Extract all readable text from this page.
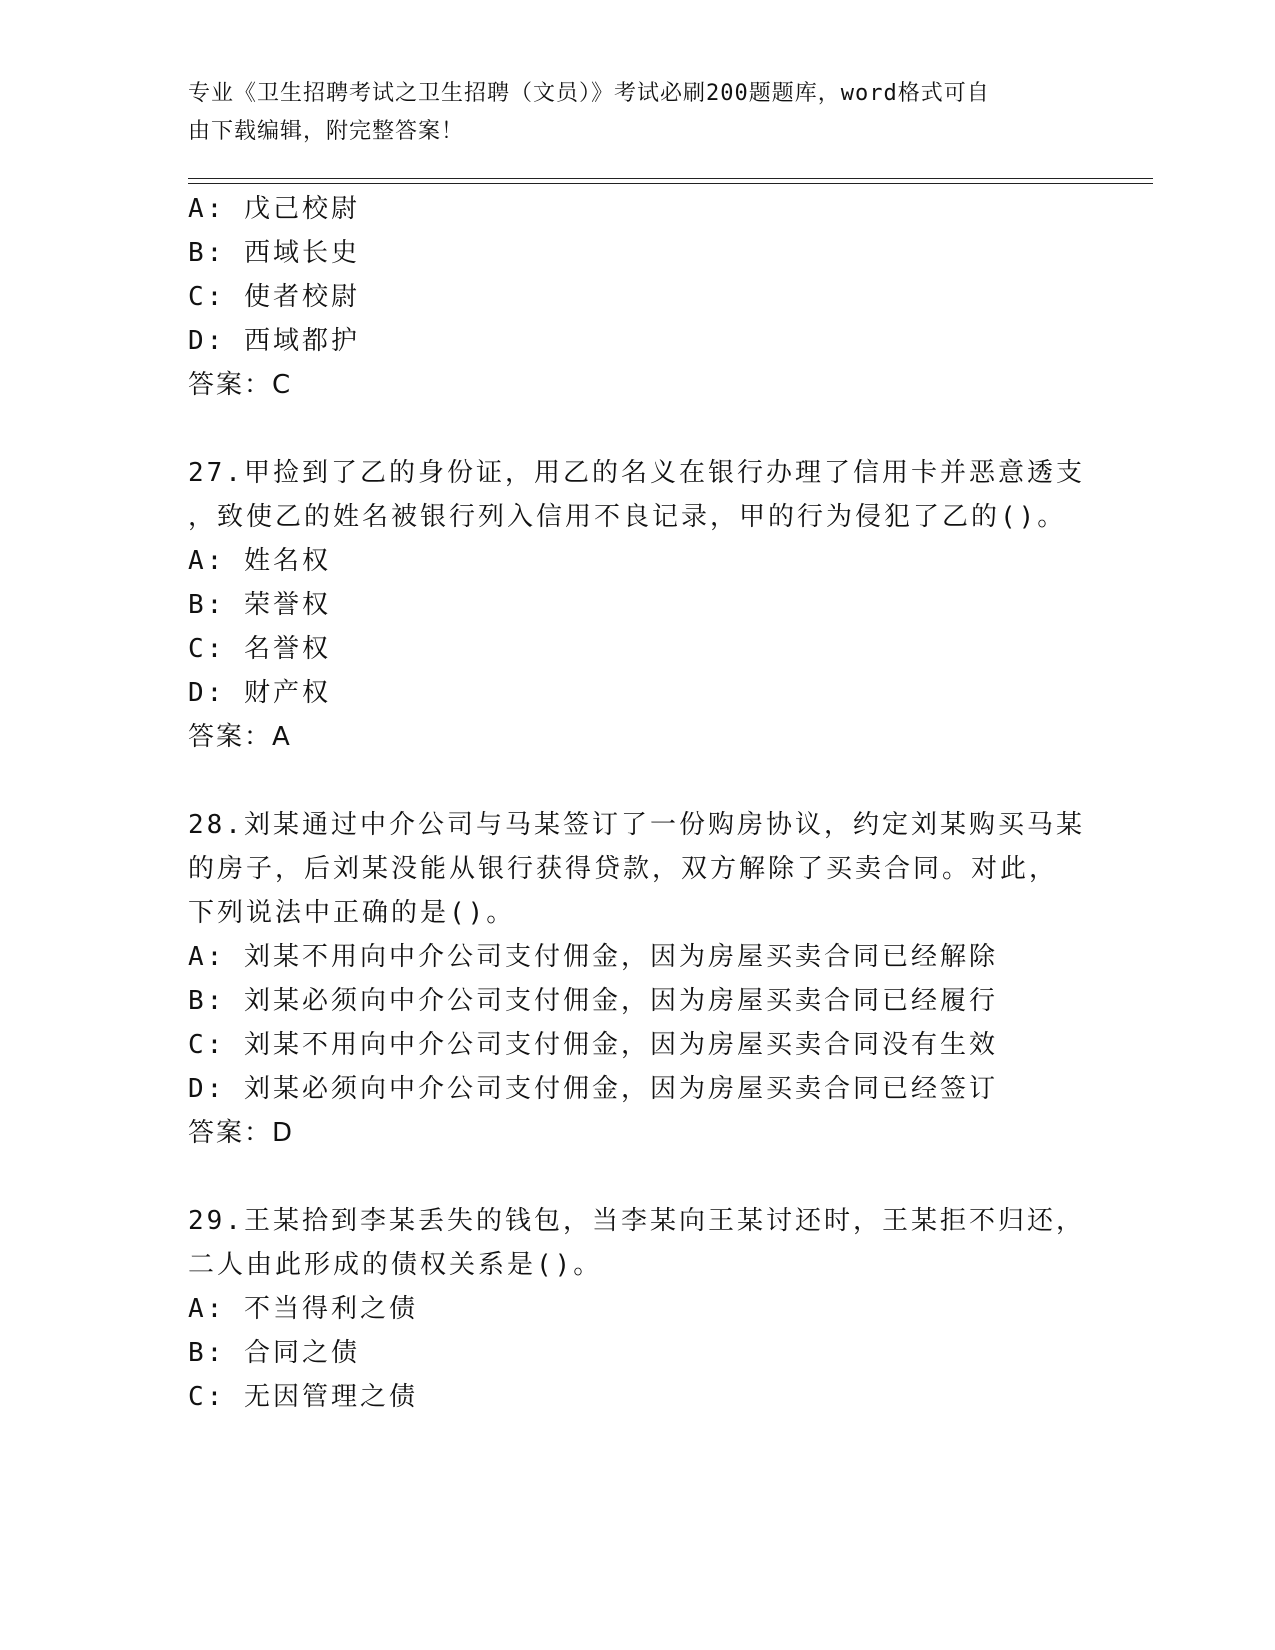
专业《卫生招聘考试之卫生招聘（文员）》考试必刷200题题库，word格式可自
由下载编辑，附完整答案！
A: 戊己校尉
B: 西域长史
C: 使者校尉
D: 西域都护
答案：C
27.甲捡到了乙的身份证，用乙的名义在银行办理了信用卡并恶意透支
，致使乙的姓名被银行列入信用不良记录，甲的行为侵犯了乙的()。
A: 姓名权
B: 荣誉权
C: 名誉权
D: 财产权
答案：A
28.刘某通过中介公司与马某签订了一份购房协议，约定刘某购买马某
的房子，后刘某没能从银行获得贷款，双方解除了买卖合同。对此，
下列说法中正确的是()。
A: 刘某不用向中介公司支付佣金，因为房屋买卖合同已经解除
B: 刘某必须向中介公司支付佣金，因为房屋买卖合同已经履行
C: 刘某不用向中介公司支付佣金，因为房屋买卖合同没有生效
D: 刘某必须向中介公司支付佣金，因为房屋买卖合同已经签订
答案：D
29.王某拾到李某丢失的钱包，当李某向王某讨还时，王某拒不归还，
二人由此形成的债权关系是()。
A: 不当得利之债
B: 合同之债
C: 无因管理之债
